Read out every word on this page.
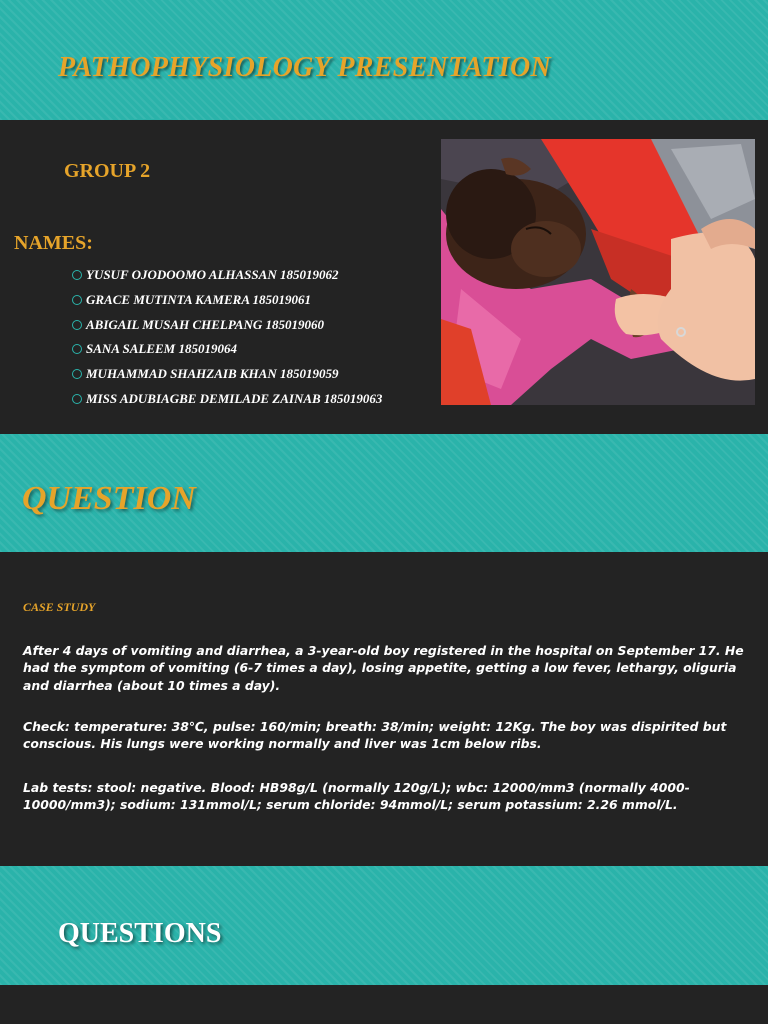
PATHOPHYSIOLOGY PRESENTATION
GROUP 2
NAMES:
YUSUF OJODOOMO ALHASSAN 185019062
GRACE MUTINTA KAMERA 185019061
ABIGAIL MUSAH CHELPANG 185019060
SANA SALEEM 185019064
MUHAMMAD SHAHZAIB KHAN 185019059
MISS ADUBIAGBE DEMILADE ZAINAB 185019063
QUESTION
CASE STUDY

After 4 days of vomiting and diarrhea, a 3-year-old boy registered in the hospital on September 17. He had the symptom of vomiting (6-7 times a day), losing appetite, getting a low fever, lethargy, oliguria and diarrhea (about 10 times a day).

Check: temperature: 38℃, pulse: 160/min; breath: 38/min; weight: 12Kg. The boy was dispirited but conscious. His lungs were working normally and liver was 1cm below ribs.

Lab tests: stool: negative. Blood: HB98g/L (normally 120g/L); wbc: 12000/mm3 (normally 4000-10000/mm3); sodium: 131mmol/L; serum chloride: 94mmol/L; serum potassium: 2.26 mmol/L.

QUESTIONS
